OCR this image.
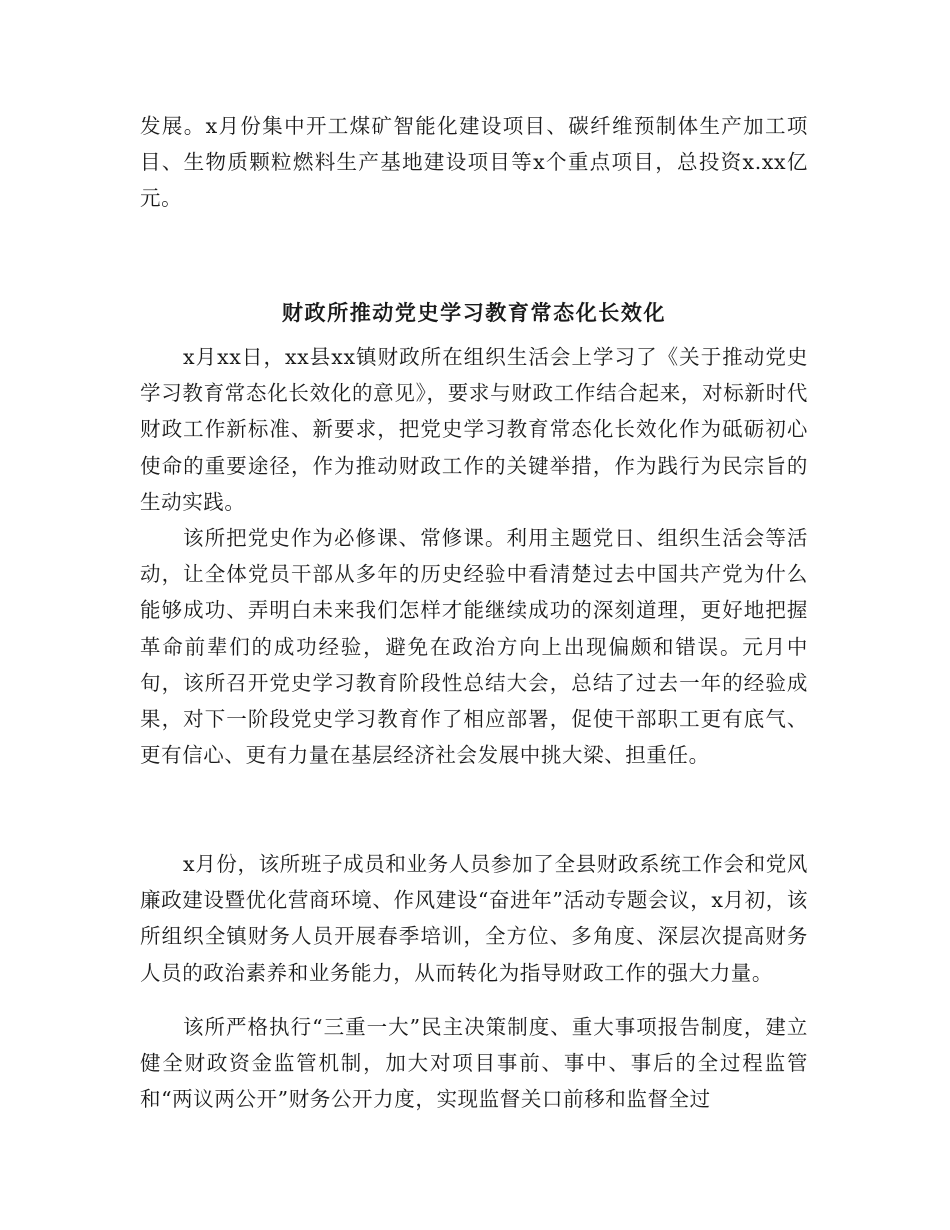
发展。x月份集中开工煤矿智能化建设项目、碳纤维预制体生产加工项目、生物质颗粒燃料生产基地建设项目等x个重点项目，总投资x.xx亿元。

财政所推动党史学习教育常态化长效化

x月xx日，xx县xx镇财政所在组织生活会上学习了《关于推动党史学习教育常态化长效化的意见》，要求与财政工作结合起来，对标新时代财政工作新标准、新要求，把党史学习教育常态化长效化作为砥砺初心使命的重要途径，作为推动财政工作的关键举措，作为践行为民宗旨的生动实践。

该所把党史作为必修课、常修课。利用主题党日、组织生活会等活动，让全体党员干部从多年的历史经验中看清楚过去中国共产党为什么能够成功、弄明白未来我们怎样才能继续成功的深刻道理，更好地把握革命前辈们的成功经验，避免在政治方向上出现偏颇和错误。元月中旬，该所召开党史学习教育阶段性总结大会，总结了过去一年的经验成果，对下一阶段党史学习教育作了相应部署，促使干部职工更有底气、更有信心、更有力量在基层经济社会发展中挑大梁、担重任。

x月份，该所班子成员和业务人员参加了全县财政系统工作会和党风廉政建设暨优化营商环境、作风建设“奋进年”活动专题会议，x月初，该所组织全镇财务人员开展春季培训，全方位、多角度、深层次提高财务人员的政治素养和业务能力，从而转化为指导财政工作的强大力量。

该所严格执行“三重一大”民主决策制度、重大事项报告制度，建立健全财政资金监管机制，加大对项目事前、事中、事后的全过程监管和“两议两公开”财务公开力度，实现监督关口前移和监督全过
